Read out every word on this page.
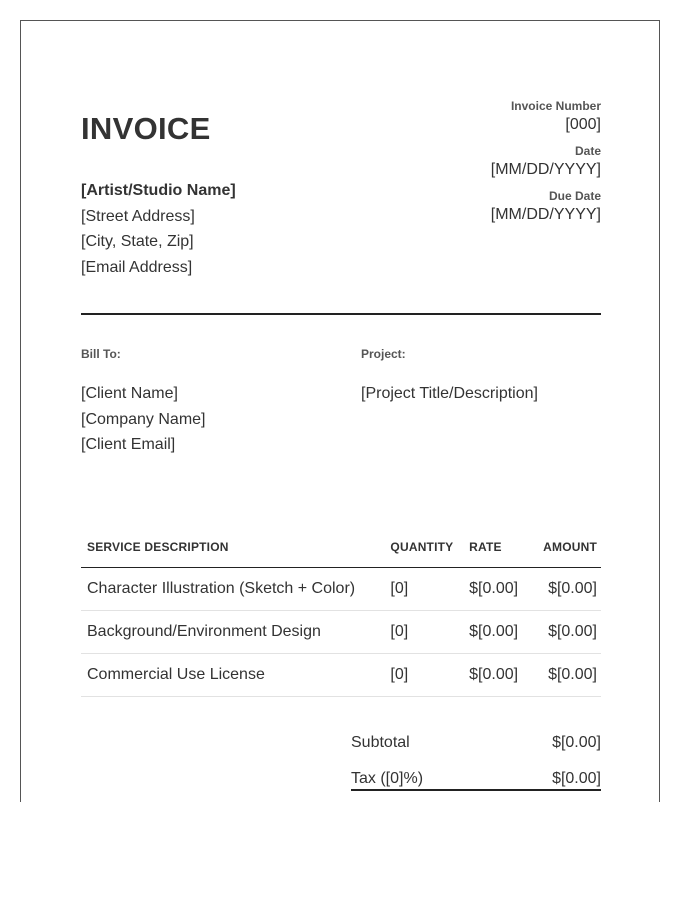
INVOICE
[Artist/Studio Name]
[Street Address]
[City, State, Zip]
[Email Address]
Invoice Number
[000]
Date
[MM/DD/YYYY]
Due Date
[MM/DD/YYYY]
Bill To:
[Client Name]
[Company Name]
[Client Email]
Project:
[Project Title/Description]
SERVICE DESCRIPTION	QUANTITY	RATE	AMOUNT
Character Illustration (Sketch + Color)	[0]	$[0.00]	$[0.00]
Background/Environment Design	[0]	$[0.00]	$[0.00]
Commercial Use License	[0]	$[0.00]	$[0.00]
Subtotal	$[0.00]
Tax ([0]%)	$[0.00]
